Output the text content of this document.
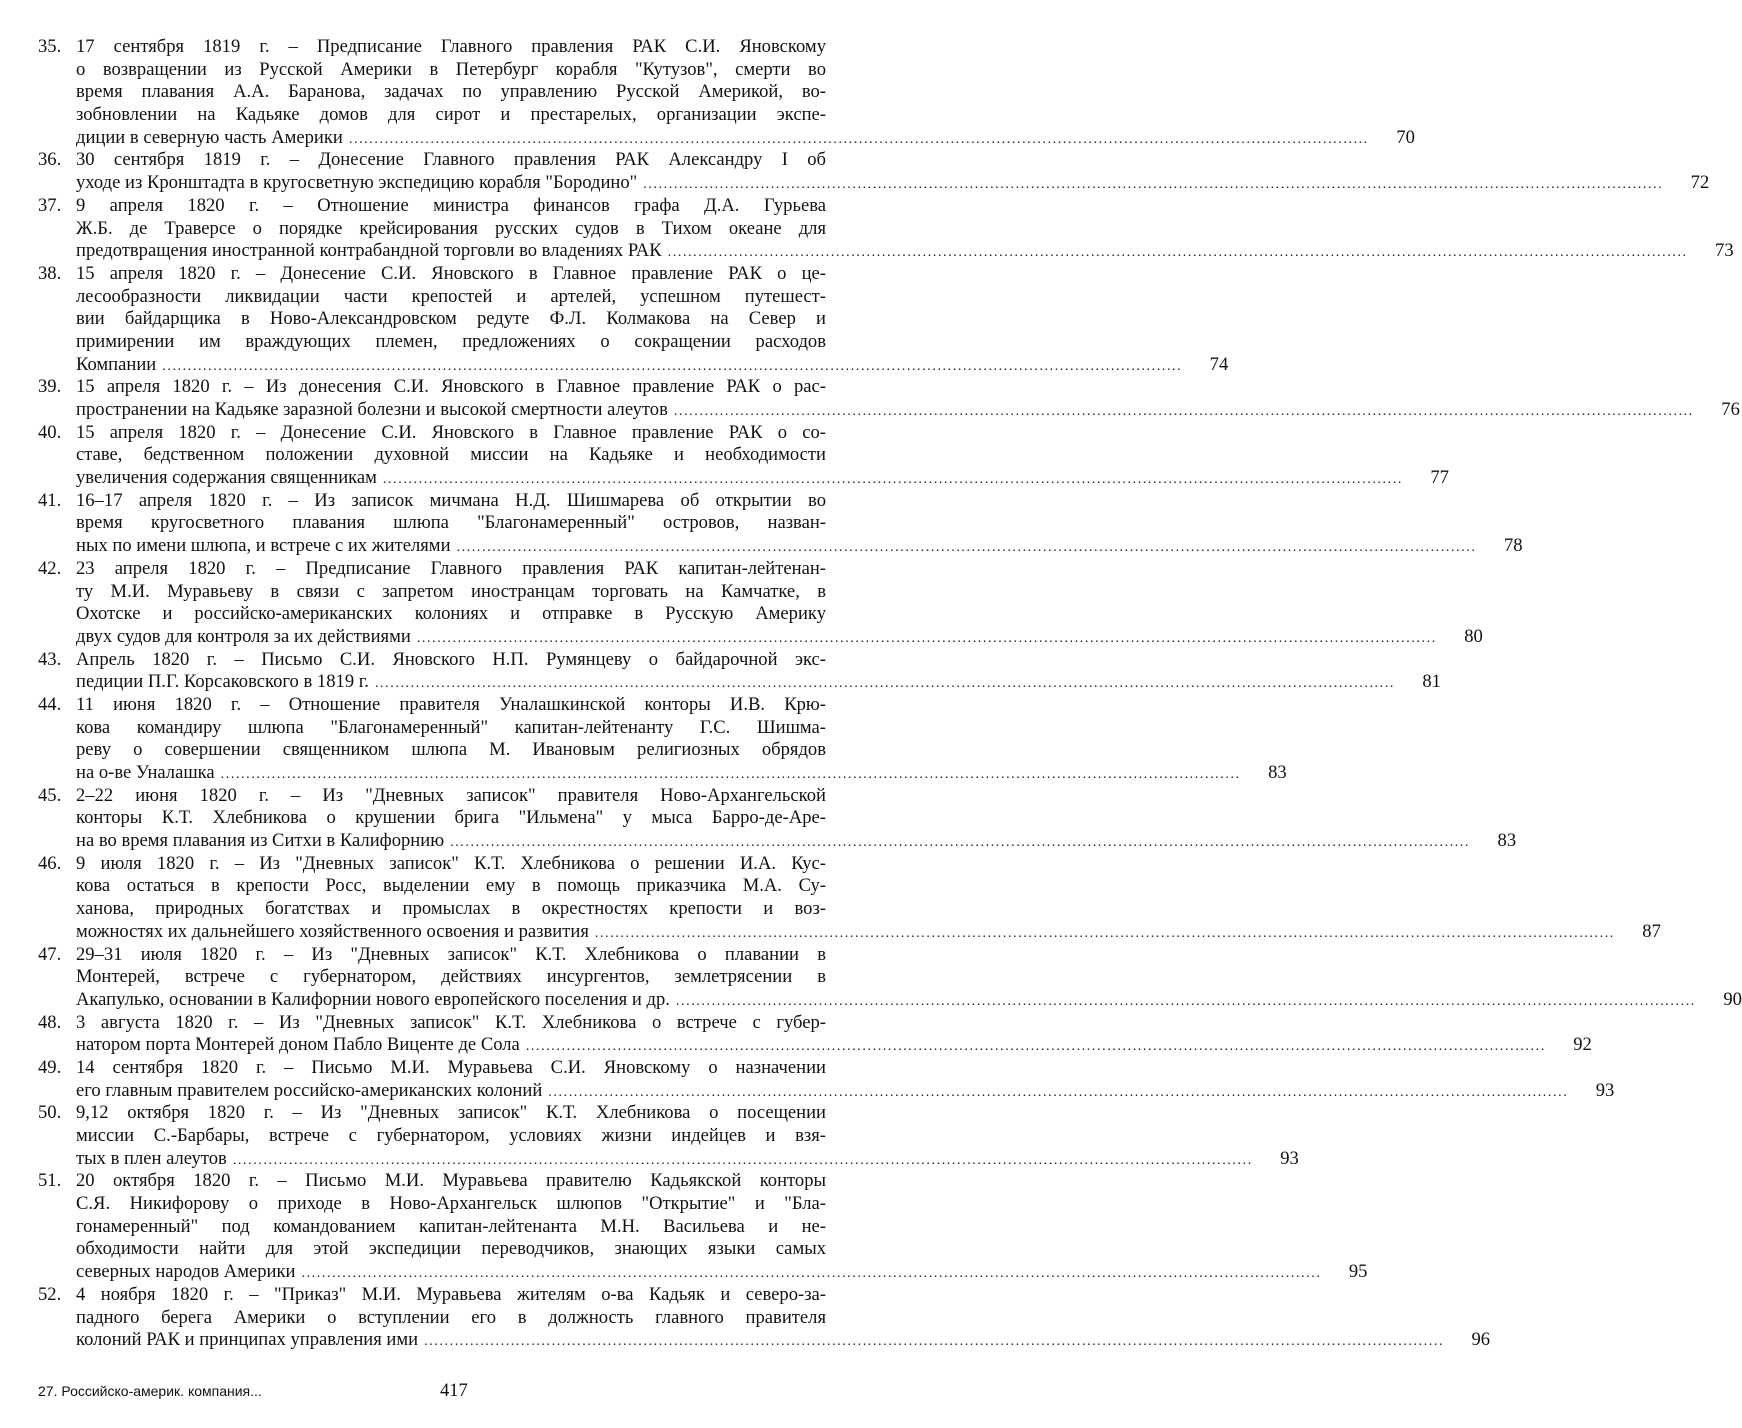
35. 17 сентября 1819 г. – Предписание Главного правления РАК С.И. Яновскому
о возвращении из Русской Америки в Петербург корабля "Кутузов", смерти во
время плавания А.А. Баранова, задачах по управлению Русской Америкой, во-
зобновлении на Кадьяке домов для сирот и престарелых, организации экспе-
диции в северную часть Америки ........................................................................................................................................................................................................	70
36. 30 сентября 1819 г. – Донесение Главного правления РАК Александру I об
уходе из Кронштадта в кругосветную экспедицию корабля "Бородино" ........................................................................................................................................................................................................	72
37. 9 апреля 1820 г. – Отношение министра финансов графа Д.А. Гурьева
Ж.Б. де Траверсе о порядке крейсирования русских судов в Тихом океане для
предотвращения иностранной контрабандной торговли во владениях РАК ........................................................................................................................................................................................................	73
38. 15 апреля 1820 г. – Донесение С.И. Яновского в Главное правление РАК о це-
лесообразности ликвидации части крепостей и артелей, успешном путешест-
вии байдарщика в Ново-Александровском редуте Ф.Л. Колмакова на Север и
примирении им враждующих племен, предложениях о сокращении расходов
Компании ........................................................................................................................................................................................................	74
39. 15 апреля 1820 г. – Из донесения С.И. Яновского в Главное правление РАК о рас-
пространении на Кадьяке заразной болезни и высокой смертности алеутов ........................................................................................................................................................................................................	76
40. 15 апреля 1820 г. – Донесение С.И. Яновского в Главное правление РАК о со-
ставе, бедственном положении духовной миссии на Кадьяке и необходимости
увеличения содержания священникам ........................................................................................................................................................................................................	77
41. 16–17 апреля 1820 г. – Из записок мичмана Н.Д. Шишмарева об открытии во
время кругосветного плавания шлюпа "Благонамеренный" островов, назван-
ных по имени шлюпа, и встрече с их жителями ........................................................................................................................................................................................................	78
42. 23 апреля 1820 г. – Предписание Главного правления РАК капитан-лейтенан-
ту М.И. Муравьеву в связи с запретом иностранцам торговать на Камчатке, в
Охотске и российско-американских колониях и отправке в Русскую Америку
двух судов для контроля за их действиями ........................................................................................................................................................................................................	80
43. Апрель 1820 г. – Письмо С.И. Яновского Н.П. Румянцеву о байдарочной экс-
педиции П.Г. Корсаковского в 1819 г. ........................................................................................................................................................................................................	81
44. 11 июня 1820 г. – Отношение правителя Уналашкинской конторы И.В. Крю-
кова командиру шлюпа "Благонамеренный" капитан-лейтенанту Г.С. Шишма-
реву о совершении священником шлюпа М. Ивановым религиозных обрядов
на о-ве Уналашка ........................................................................................................................................................................................................	83
45. 2–22 июня 1820 г. – Из "Дневных записок" правителя Ново-Архангельской
конторы К.Т. Хлебникова о крушении брига "Ильмена" у мыса Барро-де-Аре-
на во время плавания из Ситхи в Калифорнию ........................................................................................................................................................................................................	83
46. 9 июля 1820 г. – Из "Дневных записок" К.Т. Хлебникова о решении И.А. Кус-
кова остаться в крепости Росс, выделении ему в помощь приказчика М.А. Су-
ханова, природных богатствах и промыслах в окрестностях крепости и воз-
можностях их дальнейшего хозяйственного освоения и развития ........................................................................................................................................................................................................	87
47. 29–31 июля 1820 г. – Из "Дневных записок" К.Т. Хлебникова о плавании в
Монтерей, встрече с губернатором, действиях инсургентов, землетрясении в
Акапулько, основании в Калифорнии нового европейского поселения и др. ........................................................................................................................................................................................................	90
48. 3 августа 1820 г. – Из "Дневных записок" К.Т. Хлебникова о встрече с губер-
натором порта Монтерей доном Пабло Виценте де Сола ........................................................................................................................................................................................................	92
49. 14 сентября 1820 г. – Письмо М.И. Муравьева С.И. Яновскому о назначении
его главным правителем российско-американских колоний ........................................................................................................................................................................................................	93
50. 9,12 октября 1820 г. – Из "Дневных записок" К.Т. Хлебникова о посещении
миссии С.-Барбары, встрече с губернатором, условиях жизни индейцев и взя-
тых в плен алеутов ........................................................................................................................................................................................................	93
51. 20 октября 1820 г. – Письмо М.И. Муравьева правителю Кадьякской конторы
С.Я. Никифорову о приходе в Ново-Архангельск шлюпов "Открытие" и "Бла-
гонамеренный" под командованием капитан-лейтенанта М.Н. Васильева и не-
обходимости найти для этой экспедиции переводчиков, знающих языки самых
северных народов Америки ........................................................................................................................................................................................................	95
52. 4 ноября 1820 г. – "Приказ" М.И. Муравьева жителям о-ва Кадьяк и северо-за-
падного берега Америки о вступлении его в должность главного правителя
колоний РАК и принципах управления ими ........................................................................................................................................................................................................	96
27. Российско-америк. компания...	417
